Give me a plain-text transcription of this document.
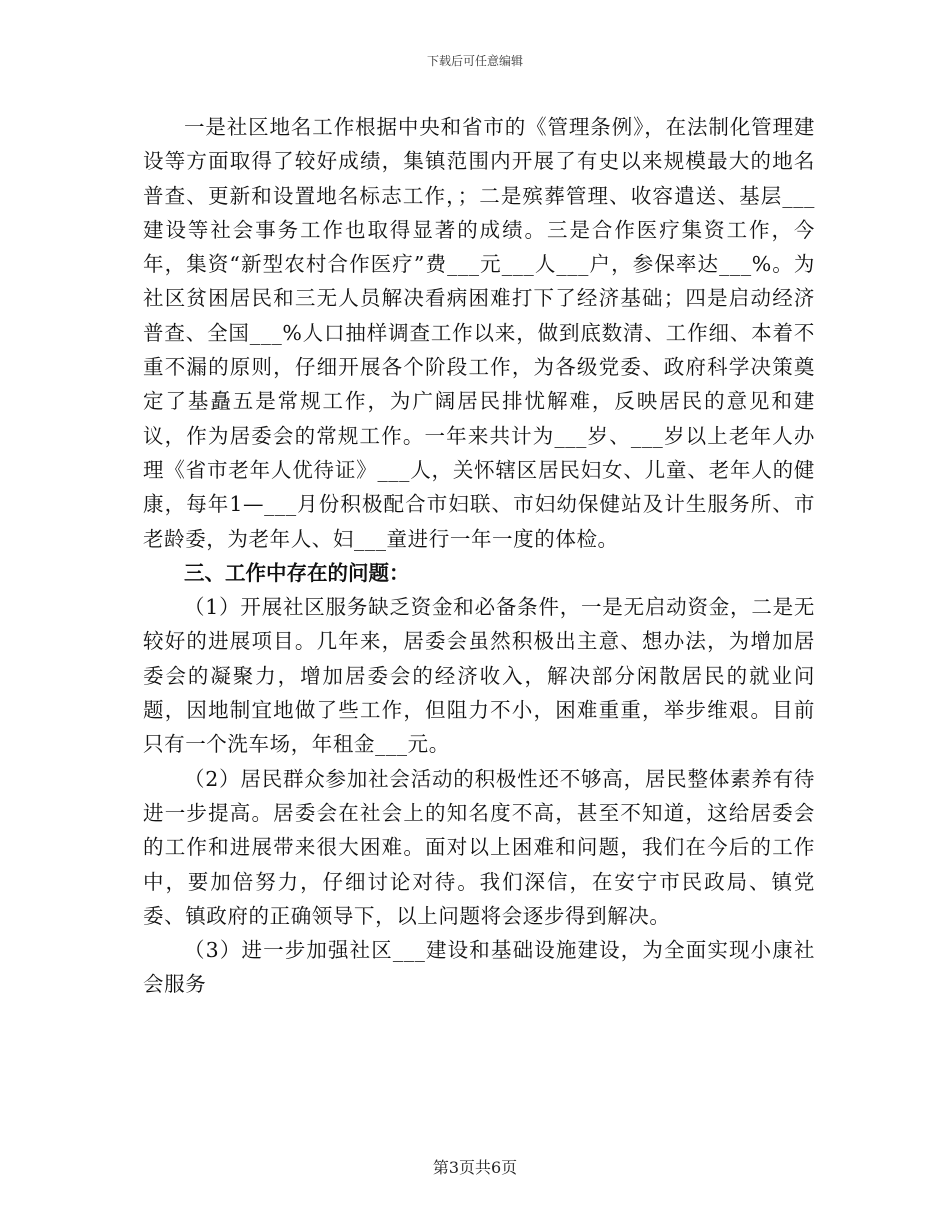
下载后可任意编辑

一是社区地名工作根据中央和省市的《管理条例》，在法制化管理建设等方面取得了较好成绩，集镇范围内开展了有史以来规模最大的地名普查、更新和设置地名标志工作，；二是殡葬管理、收容遣送、基层___建设等社会事务工作也取得显著的成绩。三是合作医疗集资工作，今年，集资“新型农村合作医疗”费___元___人___户，参保率达___%。为社区贫困居民和三无人员解决看病困难打下了经济基础；四是启动经济普查、全国___%人口抽样调查工作以来，做到底数清、工作细、本着不重不漏的原则，仔细开展各个阶段工作，为各级党委、政府科学决策奠定了基矗五是常规工作，为广阔居民排忧解难，反映居民的意见和建议，作为居委会的常规工作。一年来共计为___岁、___岁以上老年人办理《省市老年人优待证》___人，关怀辖区居民妇女、儿童、老年人的健康，每年1—___月份积极配合市妇联、市妇幼保健站及计生服务所、市老龄委，为老年人、妇___童进行一年一度的体检。

三、工作中存在的问题：

（1）开展社区服务缺乏资金和必备条件，一是无启动资金，二是无较好的进展项目。几年来，居委会虽然积极出主意、想办法，为增加居委会的凝聚力，增加居委会的经济收入，解决部分闲散居民的就业问题，因地制宜地做了些工作，但阻力不小，困难重重，举步维艰。目前只有一个洗车场，年租金___元。

（2）居民群众参加社会活动的积极性还不够高，居民整体素养有待进一步提高。居委会在社会上的知名度不高，甚至不知道，这给居委会的工作和进展带来很大困难。面对以上困难和问题，我们在今后的工作中，要加倍努力，仔细讨论对待。我们深信，在安宁市民政局、镇党委、镇政府的正确领导下，以上问题将会逐步得到解决。

（3）进一步加强社区___建设和基础设施建设，为全面实现小康社会服务

第3页共6页
